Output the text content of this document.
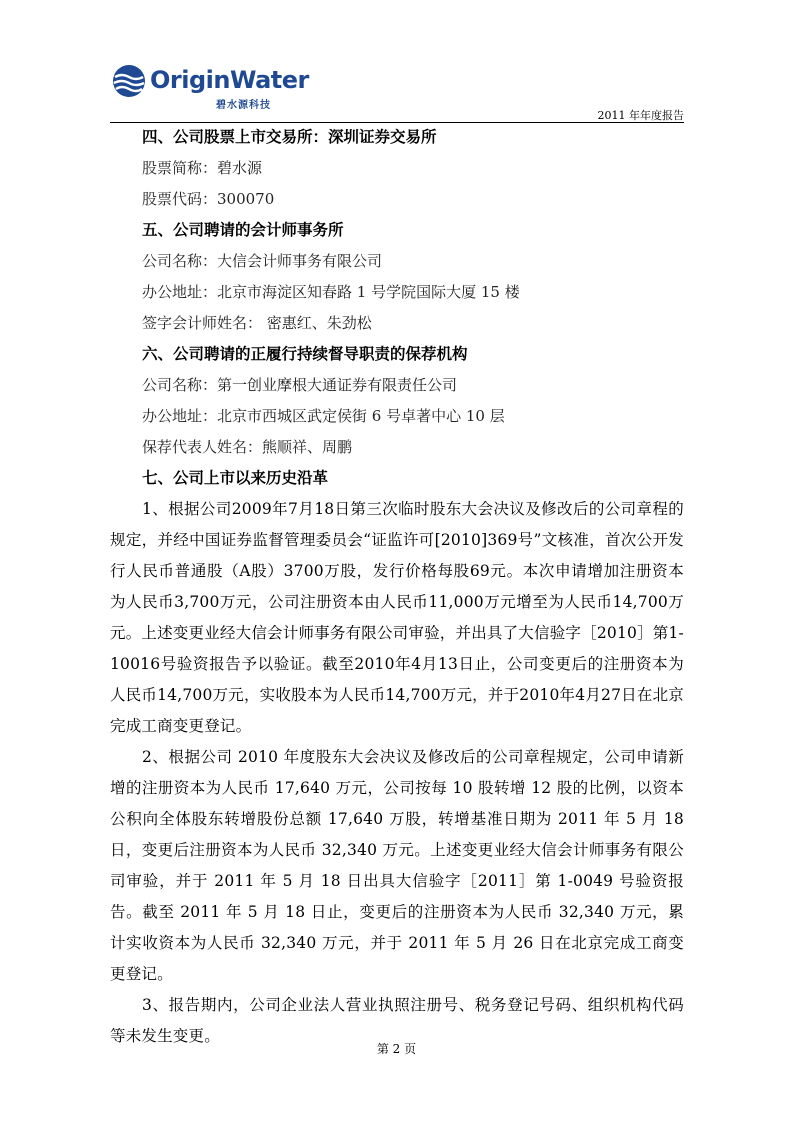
OriginWater
碧水源科技
2011 年年度报告

四、公司股票上市交易所：深圳证券交易所

股票简称：碧水源

股票代码：300070

五、公司聘请的会计师事务所

公司名称：大信会计师事务有限公司

办公地址：北京市海淀区知春路 1 号学院国际大厦 15 楼

签字会计师姓名： 密惠红、朱劲松

六、公司聘请的正履行持续督导职责的保荐机构

公司名称：第一创业摩根大通证券有限责任公司

办公地址：北京市西城区武定侯街 6 号卓著中心 10 层

保荐代表人姓名：熊顺祥、周鹏

七、公司上市以来历史沿革

1、根据公司2009年7月18日第三次临时股东大会决议及修改后的公司章程的规定，并经中国证券监督管理委员会“证监许可[2010]369号”文核准，首次公开发行人民币普通股（A股）3700万股，发行价格每股69元。本次申请增加注册资本为人民币3,700万元，公司注册资本由人民币11,000万元增至为人民币14,700万元。上述变更业经大信会计师事务有限公司审验，并出具了大信验字［2010］第1-10016号验资报告予以验证。截至2010年4月13日止，公司变更后的注册资本为人民币14,700万元，实收股本为人民币14,700万元，并于2010年4月27日在北京完成工商变更登记。

2、根据公司 2010 年度股东大会决议及修改后的公司章程规定，公司申请新增的注册资本为人民币 17,640 万元，公司按每 10 股转增 12 股的比例，以资本公积向全体股东转增股份总额 17,640 万股，转增基准日期为 2011 年 5 月 18 日，变更后注册资本为人民币 32,340 万元。上述变更业经大信会计师事务有限公司审验，并于 2011 年 5 月 18 日出具大信验字［2011］第 1-0049 号验资报告。截至 2011 年 5 月 18 日止，变更后的注册资本为人民币 32,340 万元，累计实收资本为人民币 32,340 万元，并于 2011 年 5 月 26 日在北京完成工商变更登记。

3、报告期内，公司企业法人营业执照注册号、税务登记号码、组织机构代码等未发生变更。

第 2 页
